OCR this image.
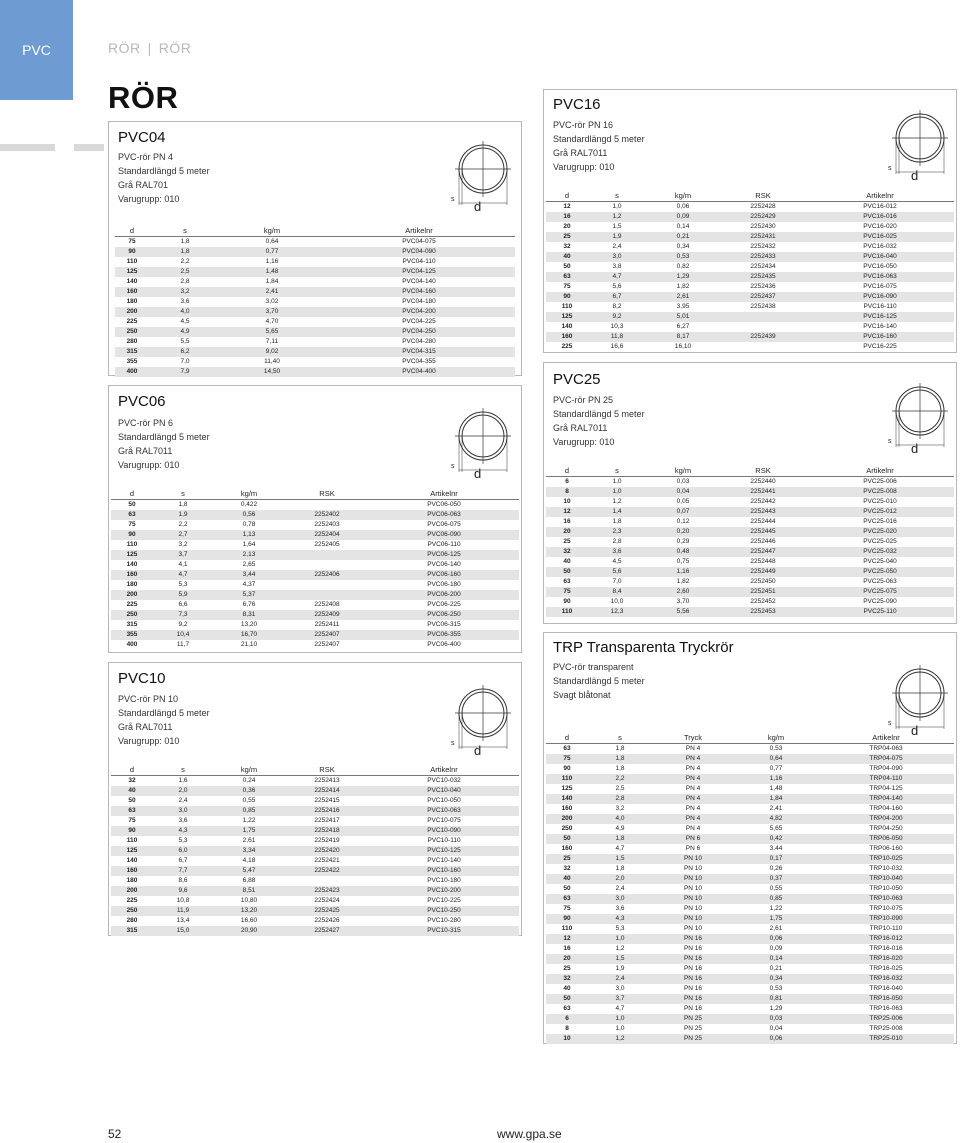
PVC	RÖR | RÖR
RÖR
PVC04
PVC-rör PN 4
Standardlängd 5 meter
Grå RAL701
Varugrupp: 010	s d
d	s	kg/m	Artikelnr
75	1,8	0,64	PVC04-075
90	1,8	0,77	PVC04-090
110	2,2	1,16	PVC04-110
125	2,5	1,48	PVC04-125
140	2,8	1,84	PVC04-140
160	3,2	2,41	PVC04-160
180	3,6	3,02	PVC04-180
200	4,0	3,70	PVC04-200
225	4,5	4,70	PVC04-225
250	4,9	5,65	PVC04-250
280	5,5	7,11	PVC04-280
315	6,2	9,02	PVC04-315
355	7,0	11,40	PVC04-355
400	7,9	14,50	PVC04-400
PVC06
PVC-rör PN 6
Standardlängd 5 meter
Grå RAL7011
Varugrupp: 010	s d
d	s	kg/m	RSK	Artikelnr
50	1,8	0,422		PVC06-050
63	1,9	0,56	2252402	PVC06-063
75	2,2	0,78	2252403	PVC06-075
90	2,7	1,13	2252404	PVC06-090
110	3,2	1,64	2252405	PVC06-110
125	3,7	2,13		PVC06-125
140	4,1	2,65		PVC06-140
160	4,7	3,44	2252406	PVC06-160
180	5,3	4,37		PVC06-180
200	5,9	5,37		PVC06-200
225	6,6	6,76	2252408	PVC06-225
250	7,3	8,31	2252409	PVC06-250
315	9,2	13,20	2252411	PVC06-315
355	10,4	16,70	2252407	PVC06-355
400	11,7	21,10	2252407	PVC06-400
PVC10
PVC-rör PN 10
Standardlängd 5 meter
Grå RAL7011
Varugrupp: 010	s d
d	s	kg/m	RSK	Artikelnr
32	1,6	0,24	2252413	PVC10-032
40	2,0	0,36	2252414	PVC10-040
50	2,4	0,55	2252415	PVC10-050
63	3,0	0,85	2252416	PVC10-063
75	3,6	1,22	2252417	PVC10-075
90	4,3	1,75	2252418	PVC10-090
110	5,3	2,61	2252419	PVC10-110
125	6,0	3,34	2252420	PVC10-125
140	6,7	4,18	2252421	PVC10-140
160	7,7	5,47	2252422	PVC10-160
180	8,6	6,88		PVC10-180
200	9,6	8,51	2252423	PVC10-200
225	10,8	10,80	2252424	PVC10-225
250	11,9	13,20	2252425	PVC10-250
280	13,4	16,60	2252426	PVC10-280
315	15,0	20,90	2252427	PVC10-315
PVC16
PVC-rör PN 16
Standardlängd 5 meter
Grå RAL7011
Varugrupp: 010	s d
d	s	kg/m	RSK	Artikelnr
12	1,0	0,06	2252428	PVC16-012
16	1,2	0,09	2252429	PVC16-016
20	1,5	0,14	2252430	PVC16-020
25	1,9	0,21	2252431	PVC16-025
32	2,4	0,34	2252432	PVC16-032
40	3,0	0,53	2252433	PVC16-040
50	3,8	0,82	2252434	PVC16-050
63	4,7	1,29	2252435	PVC16-063
75	5,6	1,82	2252436	PVC16-075
90	6,7	2,61	2252437	PVC16-090
110	8,2	3,95	2252438	PVC16-110
125	9,2	5,01		PVC16-125
140	10,3	6,27		PVC16-140
160	11,8	8,17	2252439	PVC16-160
225	16,6	16,10		PVC16-225
PVC25
PVC-rör PN 25
Standardlängd 5 meter
Grå RAL7011
Varugrupp: 010	s d
d	s	kg/m	RSK	Artikelnr
6	1,0	0,03	2252440	PVC25-006
8	1,0	0,04	2252441	PVC25-008
10	1,2	0,05	2252442	PVC25-010
12	1,4	0,07	2252443	PVC25-012
16	1,8	0,12	2252444	PVC25-016
20	2,3	0,20	2252445	PVC25-020
25	2,8	0,29	2252446	PVC25-025
32	3,6	0,48	2252447	PVC25-032
40	4,5	0,75	2252448	PVC25-040
50	5,6	1,16	2252449	PVC25-050
63	7,0	1,82	2252450	PVC25-063
75	8,4	2,60	2252451	PVC25-075
90	10,0	3,70	2252452	PVC25-090
110	12,3	5,56	2252453	PVC25-110
TRP Transparenta Tryckrör
PVC-rör transparent
Standardlängd 5 meter
Svagt blåtonat
s d
d	s	Tryck	kg/m	Artikelnr
63	1,8	PN 4	0,53	TRP04-063
75	1,8	PN 4	0,64	TRP04-075
90	1,8	PN 4	0,77	TRP04-090
110	2,2	PN 4	1,16	TRP04-110
125	2,5	PN 4	1,48	TRP04-125
140	2,8	PN 4	1,84	TRP04-140
160	3,2	PN 4	2,41	TRP04-160
200	4,0	PN 4	4,82	TRP04-200
250	4,9	PN 4	5,65	TRP04-250
50	1,8	PN 6	0,42	TRP06-050
160	4,7	PN 6	3,44	TRP06-160
25	1,5	PN 10	0,17	TRP10-025
32	1,8	PN 10	0,26	TRP10-032
40	2,0	PN 10	0,37	TRP10-040
50	2,4	PN 10	0,55	TRP10-050
63	3,0	PN 10	0,85	TRP10-063
75	3,6	PN 10	1,22	TRP10-075
90	4,3	PN 10	1,75	TRP10-090
110	5,3	PN 10	2,61	TRP10-110
12	1,0	PN 16	0,06	TRP16-012
16	1,2	PN 16	0,09	TRP16-016
20	1,5	PN 16	0,14	TRP16-020
25	1,9	PN 16	0,21	TRP16-025
32	2,4	PN 16	0,34	TRP16-032
40	3,0	PN 16	0,53	TRP16-040
50	3,7	PN 16	0,81	TRP16-050
63	4,7	PN 16	1,29	TRP16-063
6	1,0	PN 25	0,03	TRP25-006
8	1,0	PN 25	0,04	TRP25-008
10	1,2	PN 25	0,06	TRP25-010
52	www.gpa.se
